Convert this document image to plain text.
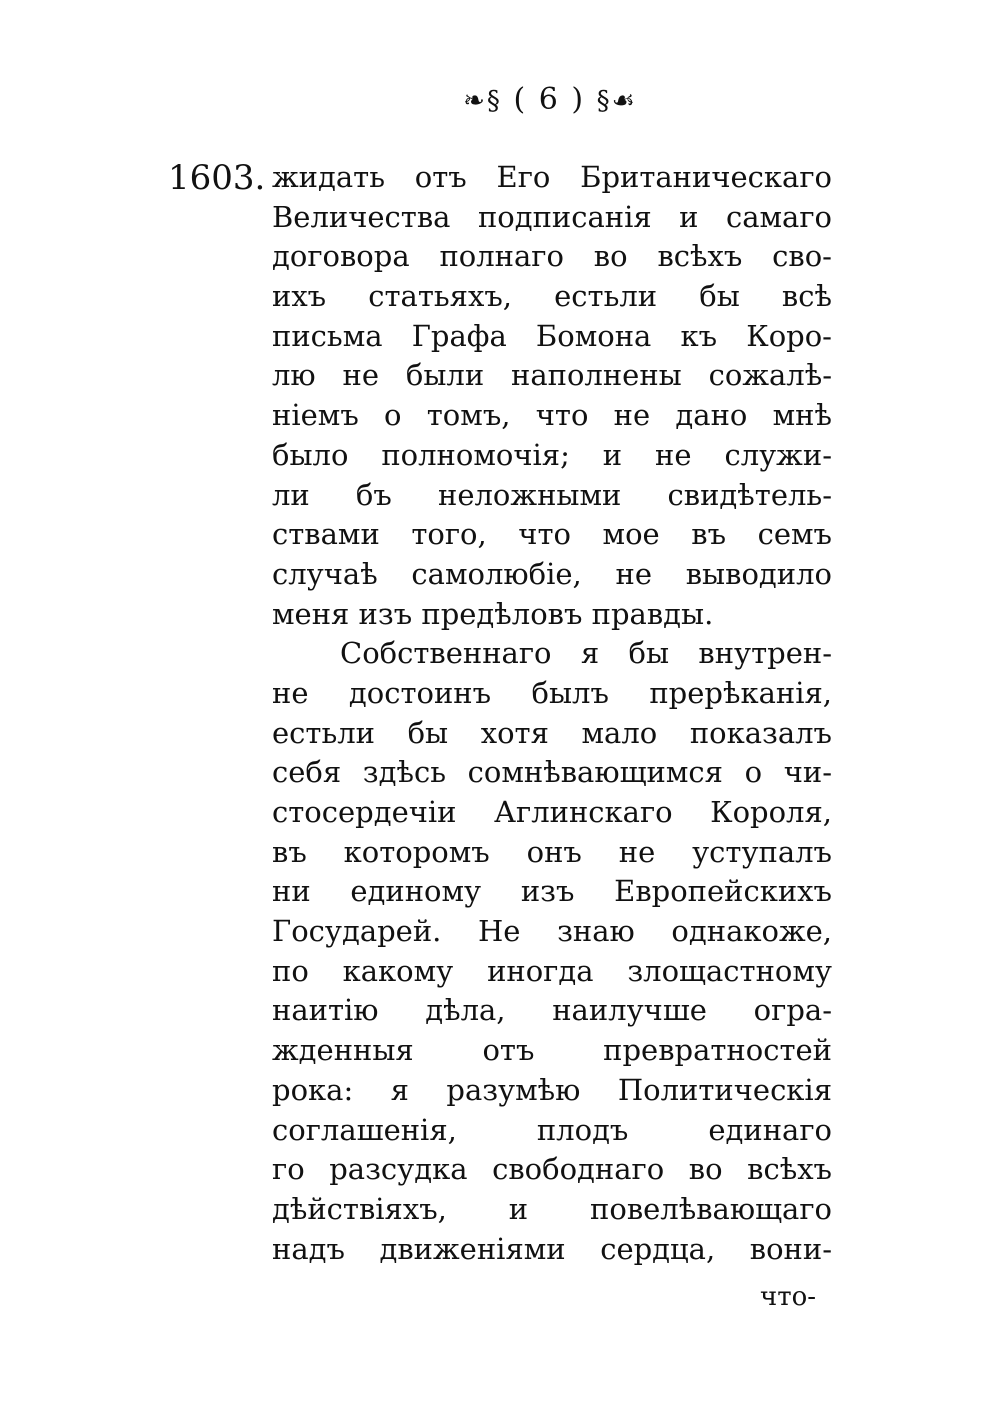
❧§ ( 6 ) §☙
1603. жидать отъ Его Британическаго
Величества подписанія и самаго
договора полнаго во всѣхъ сво-
ихъ статьяхъ, естьли бы всѣ
письма Графа Бомона къ Коро-
лю не были наполнены сожалѣ-
ніемъ о томъ, что не дано мнѣ
было полномочія; и не служи-
ли бъ неложными свидѣтель-
ствами того, что мое въ семъ
случаѣ самолюбіе, не выводило
меня изъ предѣловъ правды.
Собственнаго я бы внутрен-
не достоинъ былъ прерѣканія,
естьли бы хотя мало показалъ
себя здѣсь сомнѣвающимся о чи-
стосердечіи Аглинскаго Короля,
въ которомъ онъ не уступалъ
ни единому изъ Европейскихъ
Государей. Не знаю однакоже,
по какому иногда злощастному
наитію дѣла, наилучше огра-
жденныя отъ превратностей
рока: я разумѣю Политическія
соглашенія, плодъ единаго
го разсудка свободнаго во всѣхъ
дѣйствіяхъ, и повелѣвающаго
надъ движеніями сердца, вони-
что-
